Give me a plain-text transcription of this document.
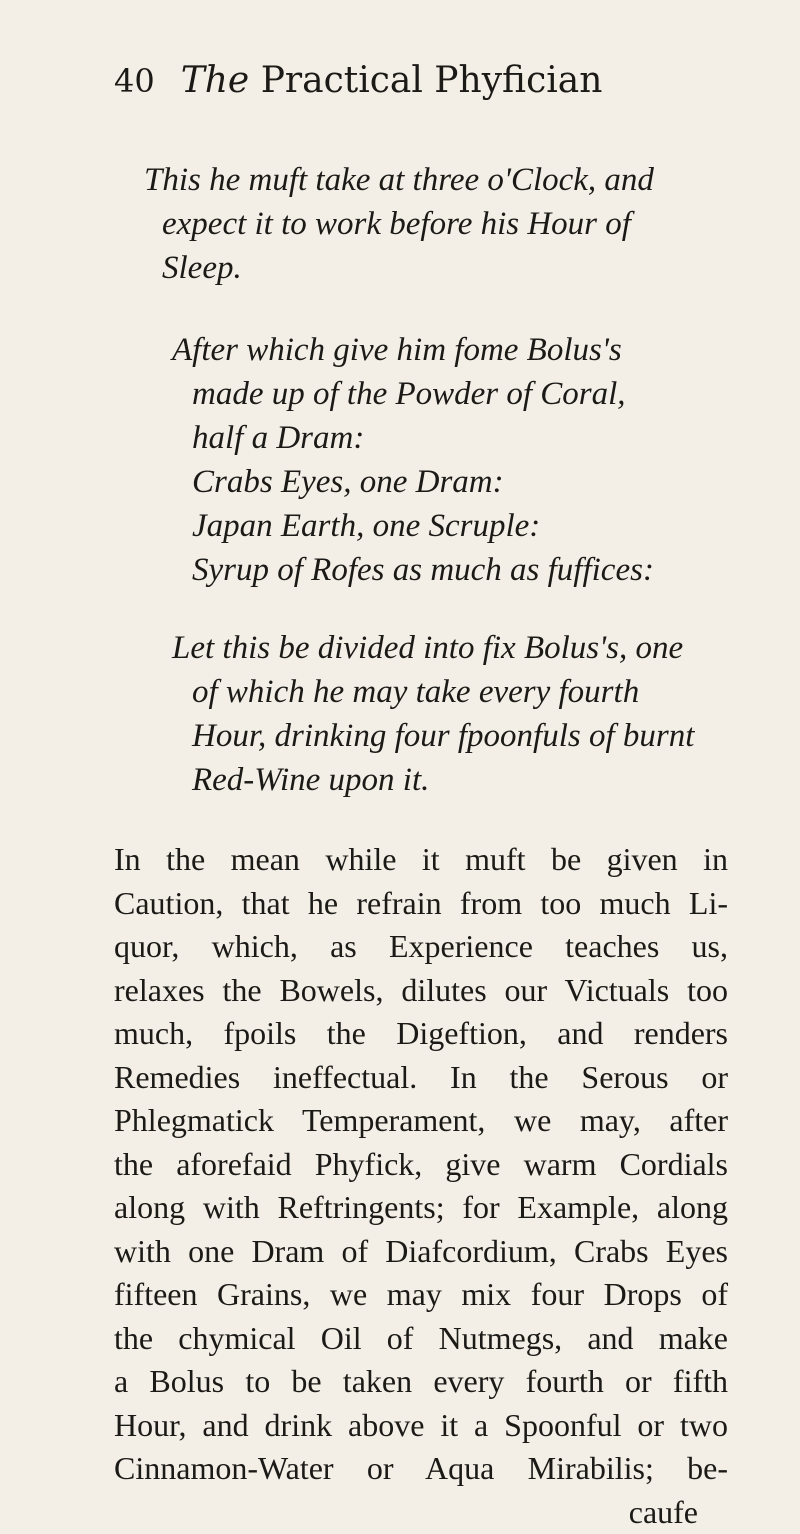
40 The Practical Phyfician
This he muft take at three o'Clock, and
expect it to work before his Hour of
Sleep.
After which give him fome Bolus's
made up of the Powder of Coral,
half a Dram:
Crabs Eyes, one Dram:
Japan Earth, one Scruple:
Syrup of Rofes as much as fuffices:
Let this be divided into fix Bolus's, one
of which he may take every fourth
Hour, drinking four fpoonfuls of burnt
Red-Wine upon it.
In the mean while it muft be given in
Caution, that he refrain from too much Li-
quor, which, as Experience teaches us,
relaxes the Bowels, dilutes our Victuals too
much, fpoils the Digeftion, and renders
Remedies ineffectual. In the Serous or
Phlegmatick Temperament, we may, after
the aforefaid Phyfick, give warm Cordials
along with Reftringents; for Example, along
with one Dram of Diafcordium, Crabs Eyes
fifteen Grains, we may mix four Drops of
the chymical Oil of Nutmegs, and make
a Bolus to be taken every fourth or fifth
Hour, and drink above it a Spoonful or two
Cinnamon-Water or Aqua Mirabilis; be-
caufe
